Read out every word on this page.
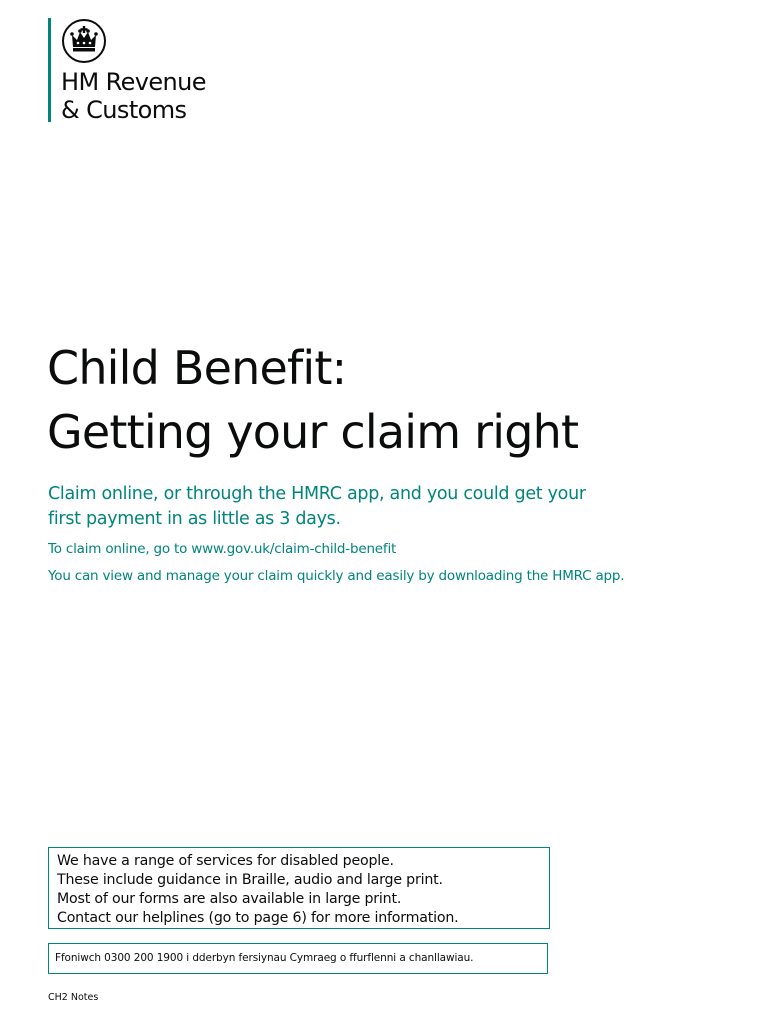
HM Revenue
& Customs
Child Benefit:
Getting your claim right

Claim online, or through the HMRC app, and you could get your
first payment in as little as 3 days.

To claim online, go to www.gov.uk/claim-child-benefit

You can view and manage your claim quickly and easily by downloading the HMRC app.

We have a range of services for disabled people.
These include guidance in Braille, audio and large print.
Most of our forms are also available in large print.
Contact our helplines (go to page 6) for more information.
Ffoniwch 0300 200 1900 i dderbyn fersiynau Cymraeg o ffurflenni a chanllawiau.
CH2 Notes
